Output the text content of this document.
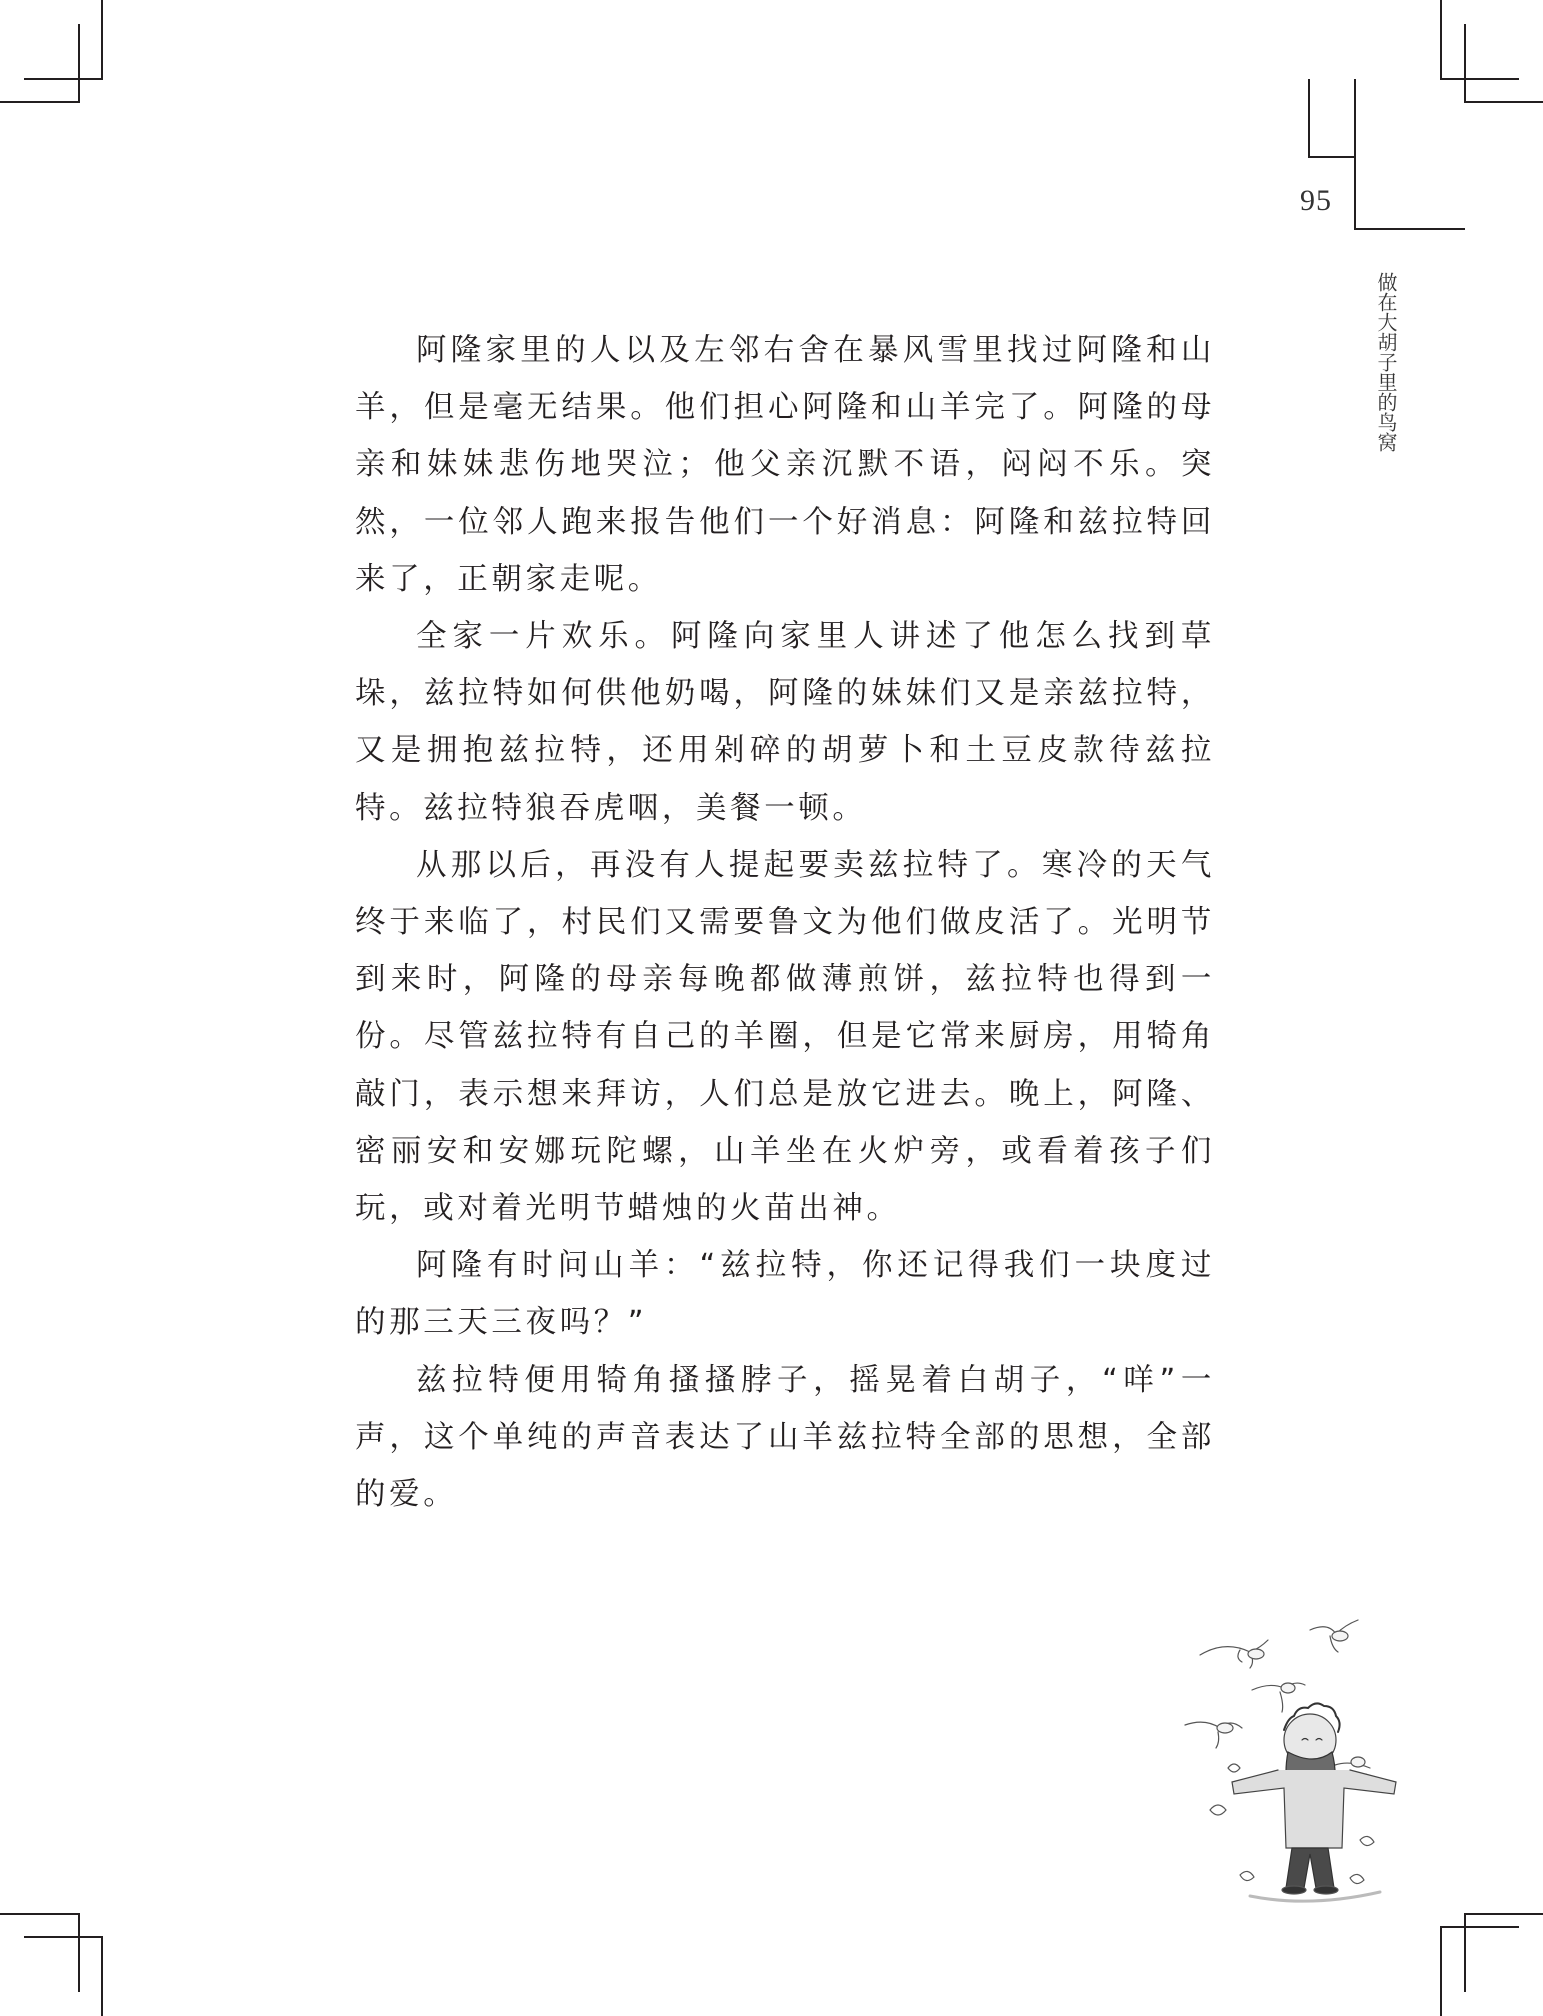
95
做在大胡子里的鸟窝

阿隆家里的人以及左邻右舍在暴风雪里找过阿隆和山羊，但是毫无结果。他们担心阿隆和山羊完了。阿隆的母亲和妹妹悲伤地哭泣；他父亲沉默不语，闷闷不乐。突然，一位邻人跑来报告他们一个好消息：阿隆和兹拉特回来了，正朝家走呢。

全家一片欢乐。阿隆向家里人讲述了他怎么找到草垛，兹拉特如何供他奶喝，阿隆的妹妹们又是亲兹拉特，又是拥抱兹拉特，还用剁碎的胡萝卜和土豆皮款待兹拉特。兹拉特狼吞虎咽，美餐一顿。

从那以后，再没有人提起要卖兹拉特了。寒冷的天气终于来临了，村民们又需要鲁文为他们做皮活了。光明节到来时，阿隆的母亲每晚都做薄煎饼，兹拉特也得到一份。尽管兹拉特有自己的羊圈，但是它常来厨房，用犄角敲门，表示想来拜访，人们总是放它进去。晚上，阿隆、密丽安和安娜玩陀螺，山羊坐在火炉旁，或看着孩子们玩，或对着光明节蜡烛的火苗出神。

阿隆有时问山羊：“兹拉特，你还记得我们一块度过的那三天三夜吗？”

兹拉特便用犄角搔搔脖子，摇晃着白胡子，“咩”一声，这个单纯的声音表达了山羊兹拉特全部的思想，全部的爱。
